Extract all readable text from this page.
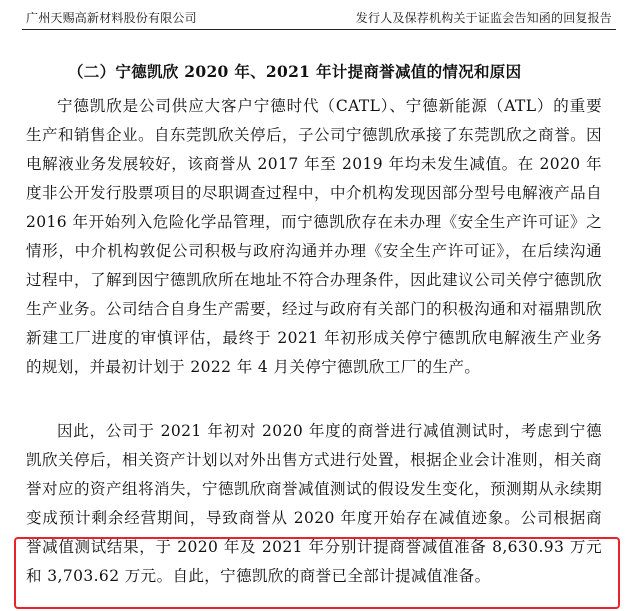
广州天赐高新材料股份有限公司	发行人及保荐机构关于证监会告知函的回复报告
（二）宁德凯欣 2020 年、2021 年计提商誉减值的情况和原因

宁德凯欣是公司供应大客户宁德时代（CATL）、宁德新能源（ATL）的重要生产和销售企业。自东莞凯欣关停后，子公司宁德凯欣承接了东莞凯欣之商誉。因电解液业务发展较好，该商誉从 2017 年至 2019 年均未发生减值。在 2020 年度非公开发行股票项目的尽职调查过程中，中介机构发现因部分型号电解液产品自 2016 年开始列入危险化学品管理，而宁德凯欣存在未办理《安全生产许可证》之情形，中介机构敦促公司积极与政府沟通并办理《安全生产许可证》，在后续沟通过程中，了解到因宁德凯欣所在地址不符合办理条件，因此建议公司关停宁德凯欣生产业务。公司结合自身生产需要，经过与政府有关部门的积极沟通和对福鼎凯欣新建工厂进度的审慎评估，最终于 2021 年初形成关停宁德凯欣电解液生产业务的规划，并最初计划于 2022 年 4 月关停宁德凯欣工厂的生产。

因此，公司于 2021 年初对 2020 年度的商誉进行减值测试时，考虑到宁德凯欣关停后，相关资产计划以对外出售方式进行处置，根据企业会计准则，相关商誉对应的资产组将消失，宁德凯欣商誉减值测试的假设发生变化，预测期从永续期变成预计剩余经营期间，导致商誉从 2020 年度开始存在减值迹象。公司根据商誉减值测试结果，于 2020 年及 2021 年分别计提商誉减值准备 8,630.93 万元和 3,703.62 万元。自此，宁德凯欣的商誉已全部计提减值准备。
